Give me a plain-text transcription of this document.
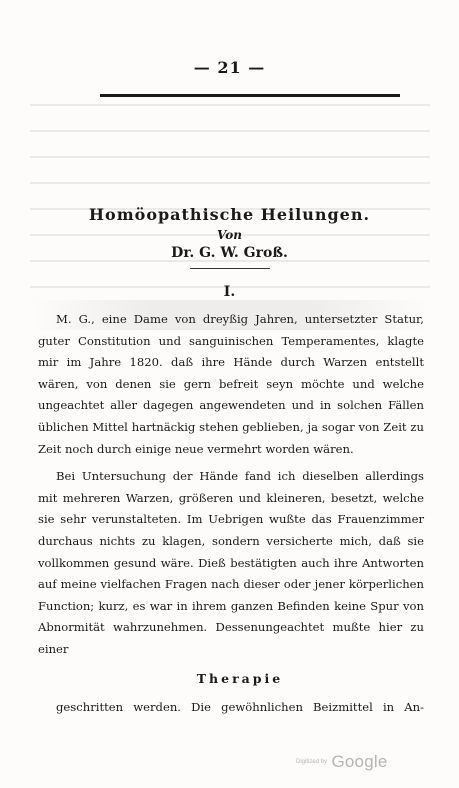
— 21 —
Homöopathische Heilungen.
Von
Dr. G. W. Groß.
I.

M. G., eine Dame von dreyßig Jahren, untersetzter Statur, guter Constitution und sanguinischen Temperamentes, klagte mir im Jahre 1820. daß ihre Hände durch Warzen entstellt wären, von denen sie gern befreit seyn möchte und welche ungeachtet aller dagegen angewendeten und in solchen Fällen üblichen Mittel hartnäckig stehen geblieben, ja sogar von Zeit zu Zeit noch durch einige neue vermehrt worden wären.

Bei Untersuchung der Hände fand ich dieselben allerdings mit mehreren Warzen, größeren und kleineren, besetzt, welche sie sehr verunstalteten. Im Uebrigen wußte das Frauenzimmer durchaus nichts zu klagen, sondern versicherte mich, daß sie vollkommen gesund wäre. Dieß bestätigten auch ihre Antworten auf meine vielfachen Fragen nach dieser oder jener körperlichen Function; kurz, es war in ihrem ganzen Befinden keine Spur von Abnormität wahrzunehmen. Dessenungeachtet mußte hier zu einer

Therapie

geschritten werden. Die gewöhnlichen Beizmittel in An-

Digitized by Google
